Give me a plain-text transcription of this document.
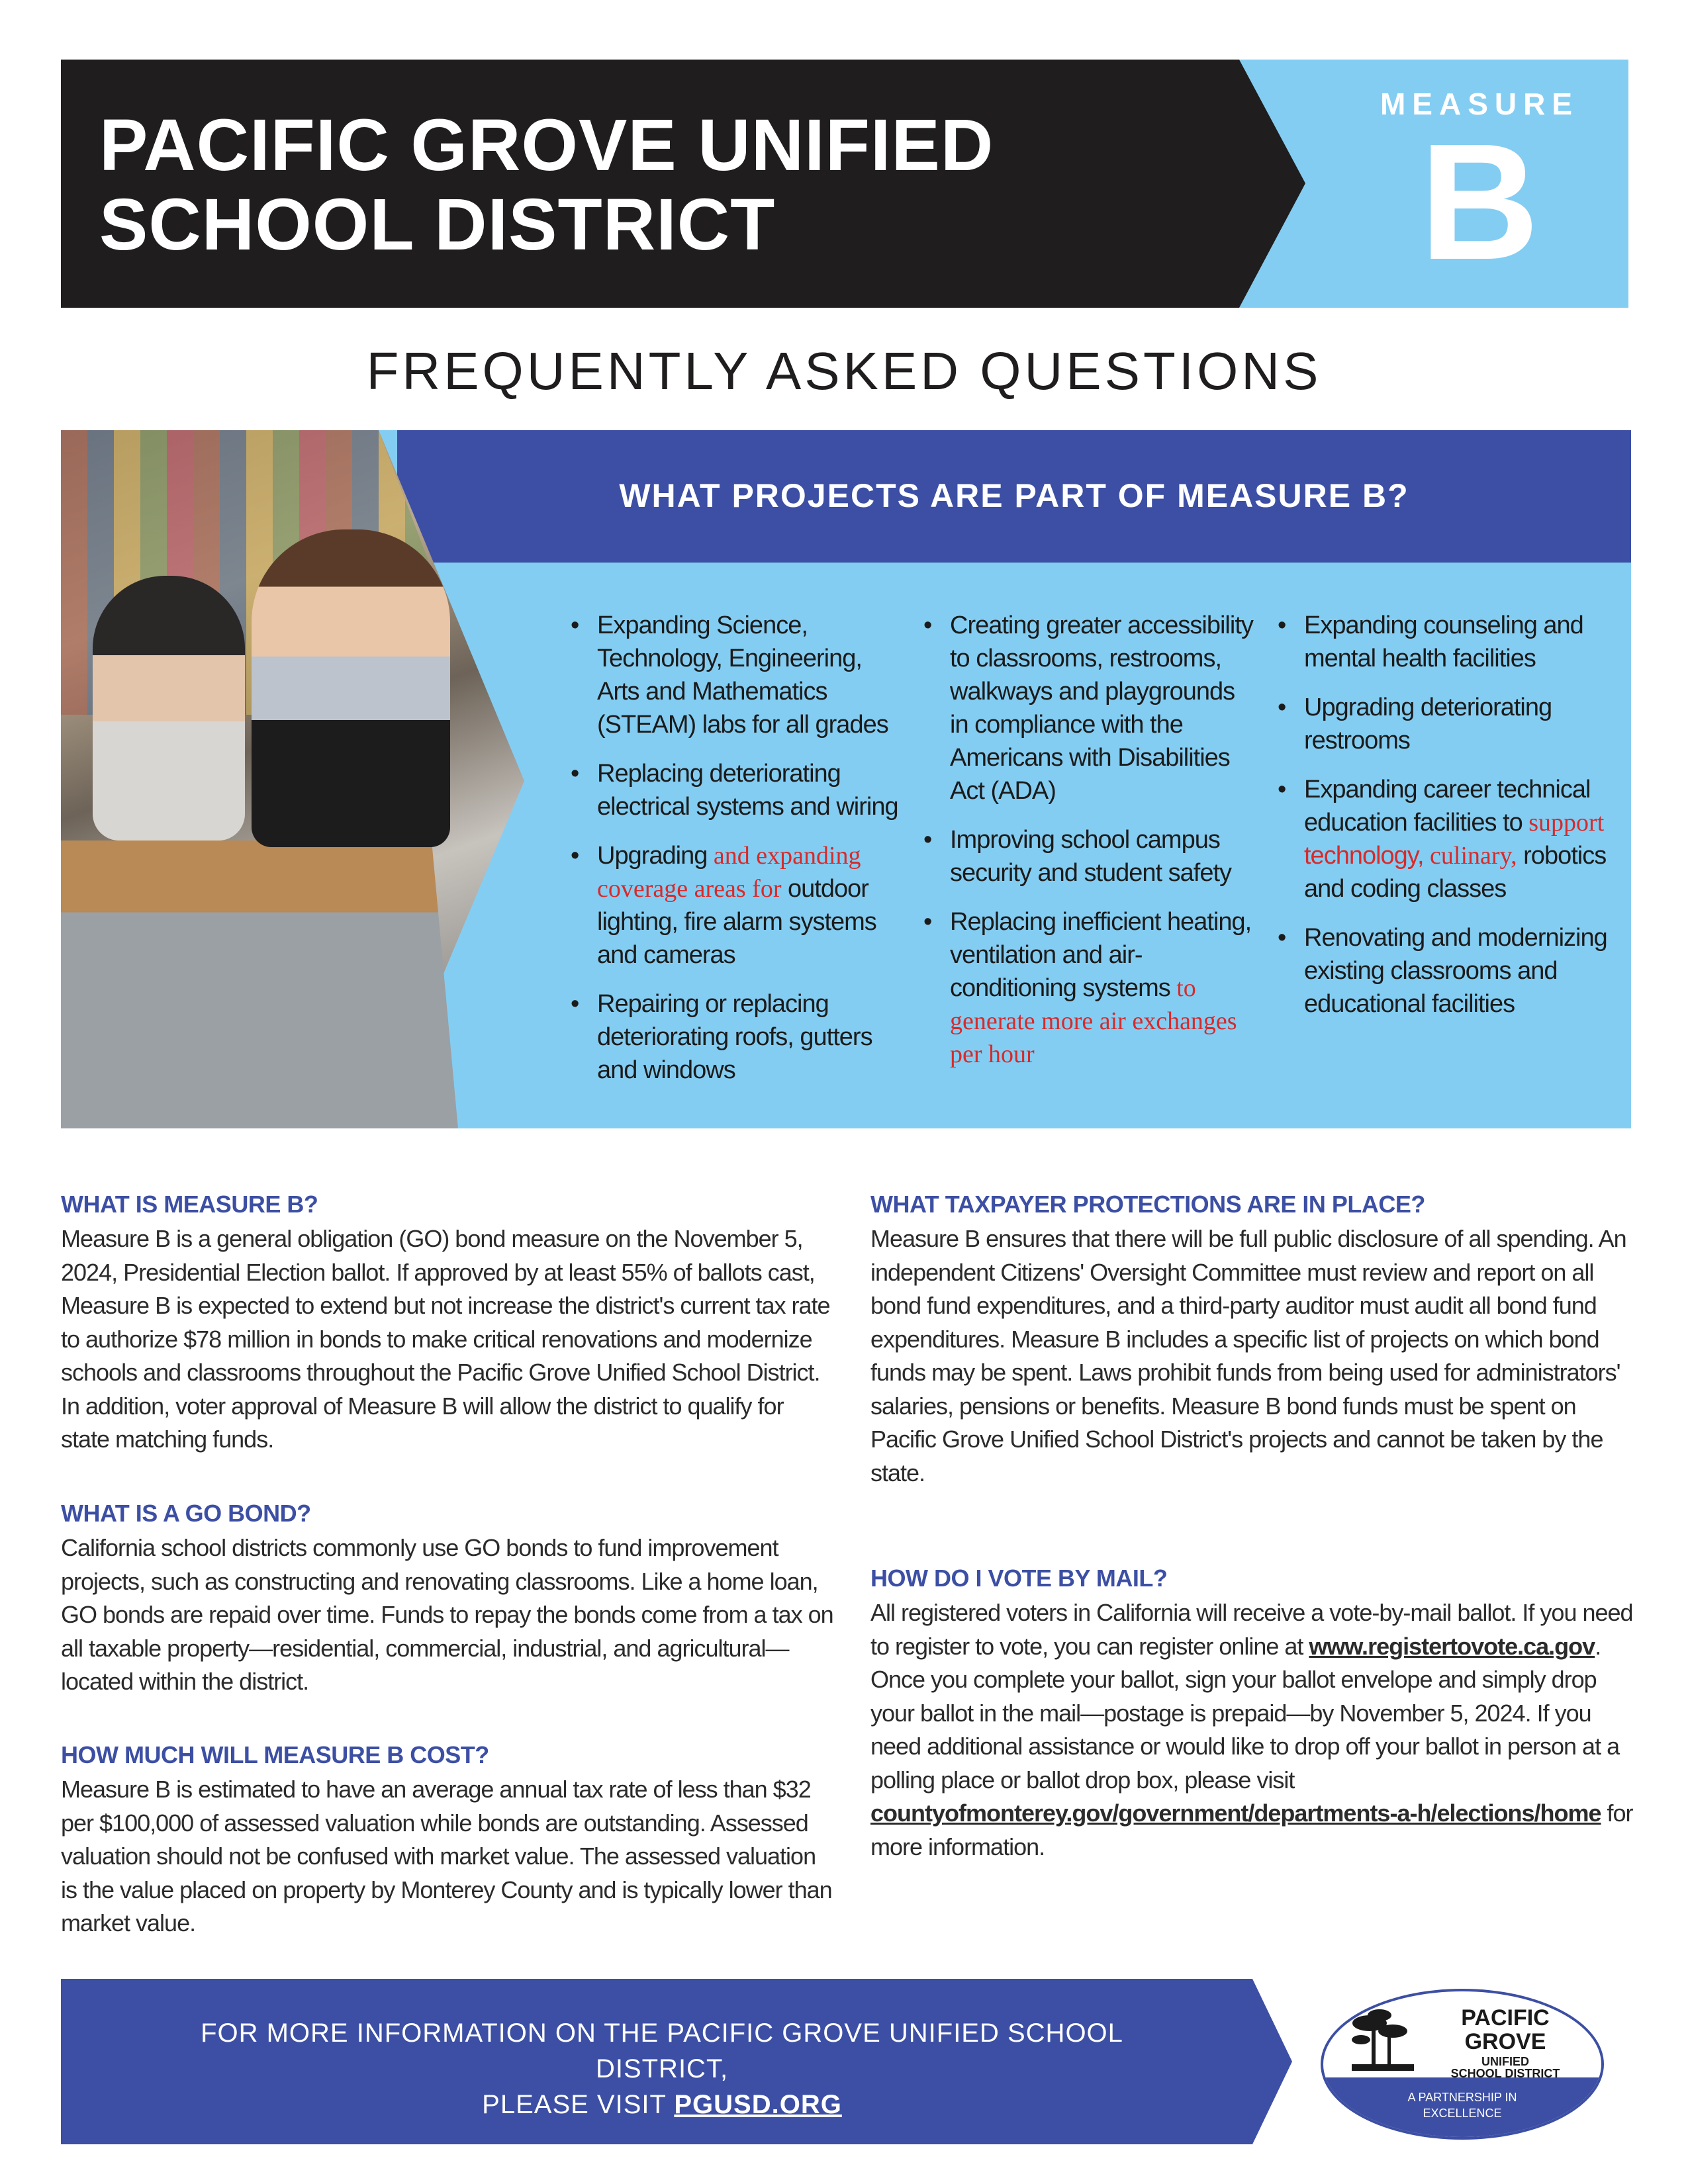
PACIFIC GROVE UNIFIED
SCHOOL DISTRICT
MEASURE
B
FREQUENTLY ASKED QUESTIONS
WHAT PROJECTS ARE PART OF MEASURE B?
• Expanding Science, Technology, Engineering, Arts and Mathematics (STEAM) labs for all grades
• Replacing deteriorating electrical systems and wiring
• Upgrading and expanding coverage areas for outdoor lighting, fire alarm systems and cameras
• Repairing or replacing deteriorating roofs, gutters and windows
• Creating greater accessibility to classrooms, restrooms, walkways and playgrounds in compliance with the Americans with Disabilities Act (ADA)
• Improving school campus security and student safety
• Replacing inefficient heating, ventilation and air-conditioning systems to generate more air exchanges per hour
• Expanding counseling and mental health facilities
• Upgrading deteriorating restrooms
• Expanding career technical education facilities to support technology, culinary, robotics and coding classes
• Renovating and modernizing existing classrooms and educational facilities
WHAT IS MEASURE B?

Measure B is a general obligation (GO) bond measure on the November 5, 2024, Presidential Election ballot. If approved by at least 55% of ballots cast, Measure B is expected to extend but not increase the district's current tax rate to authorize $78 million in bonds to make critical renovations and modernize schools and classrooms throughout the Pacific Grove Unified School District. In addition, voter approval of Measure B will allow the district to qualify for state matching funds.

WHAT IS A GO BOND?

California school districts commonly use GO bonds to fund improvement projects, such as constructing and renovating classrooms. Like a home loan, GO bonds are repaid over time. Funds to repay the bonds come from a tax on all taxable property—residential, commercial, industrial, and agricultural—located within the district.

HOW MUCH WILL MEASURE B COST?

Measure B is estimated to have an average annual tax rate of less than $32 per $100,000 of assessed valuation while bonds are outstanding. Assessed valuation should not be confused with market value. The assessed valuation is the value placed on property by Monterey County and is typically lower than market value.

WHAT TAXPAYER PROTECTIONS ARE IN PLACE?

Measure B ensures that there will be full public disclosure of all spending. An independent Citizens' Oversight Committee must review and report on all bond fund expenditures, and a third-party auditor must audit all bond fund expenditures. Measure B includes a specific list of projects on which bond funds may be spent. Laws prohibit funds from being used for administrators' salaries, pensions or benefits. Measure B bond funds must be spent on Pacific Grove Unified School District's projects and cannot be taken by the state.

HOW DO I VOTE BY MAIL?

All registered voters in California will receive a vote-by-mail ballot. If you need to register to vote, you can register online at www.registertovote.ca.gov. Once you complete your ballot, sign your ballot envelope and simply drop your ballot in the mail—postage is prepaid—by November 5, 2024. If you need additional assistance or would like to drop off your ballot in person at a polling place or ballot drop box, please visit countyofmonterey.gov/government/departments-a-h/elections/home for more information.

FOR MORE INFORMATION ON THE PACIFIC GROVE UNIFIED SCHOOL DISTRICT,
PLEASE VISIT PGUSD.ORG
PACIFIC
GROVE
UNIFIED
SCHOOL DISTRICT
A PARTNERSHIP IN
EXCELLENCE
